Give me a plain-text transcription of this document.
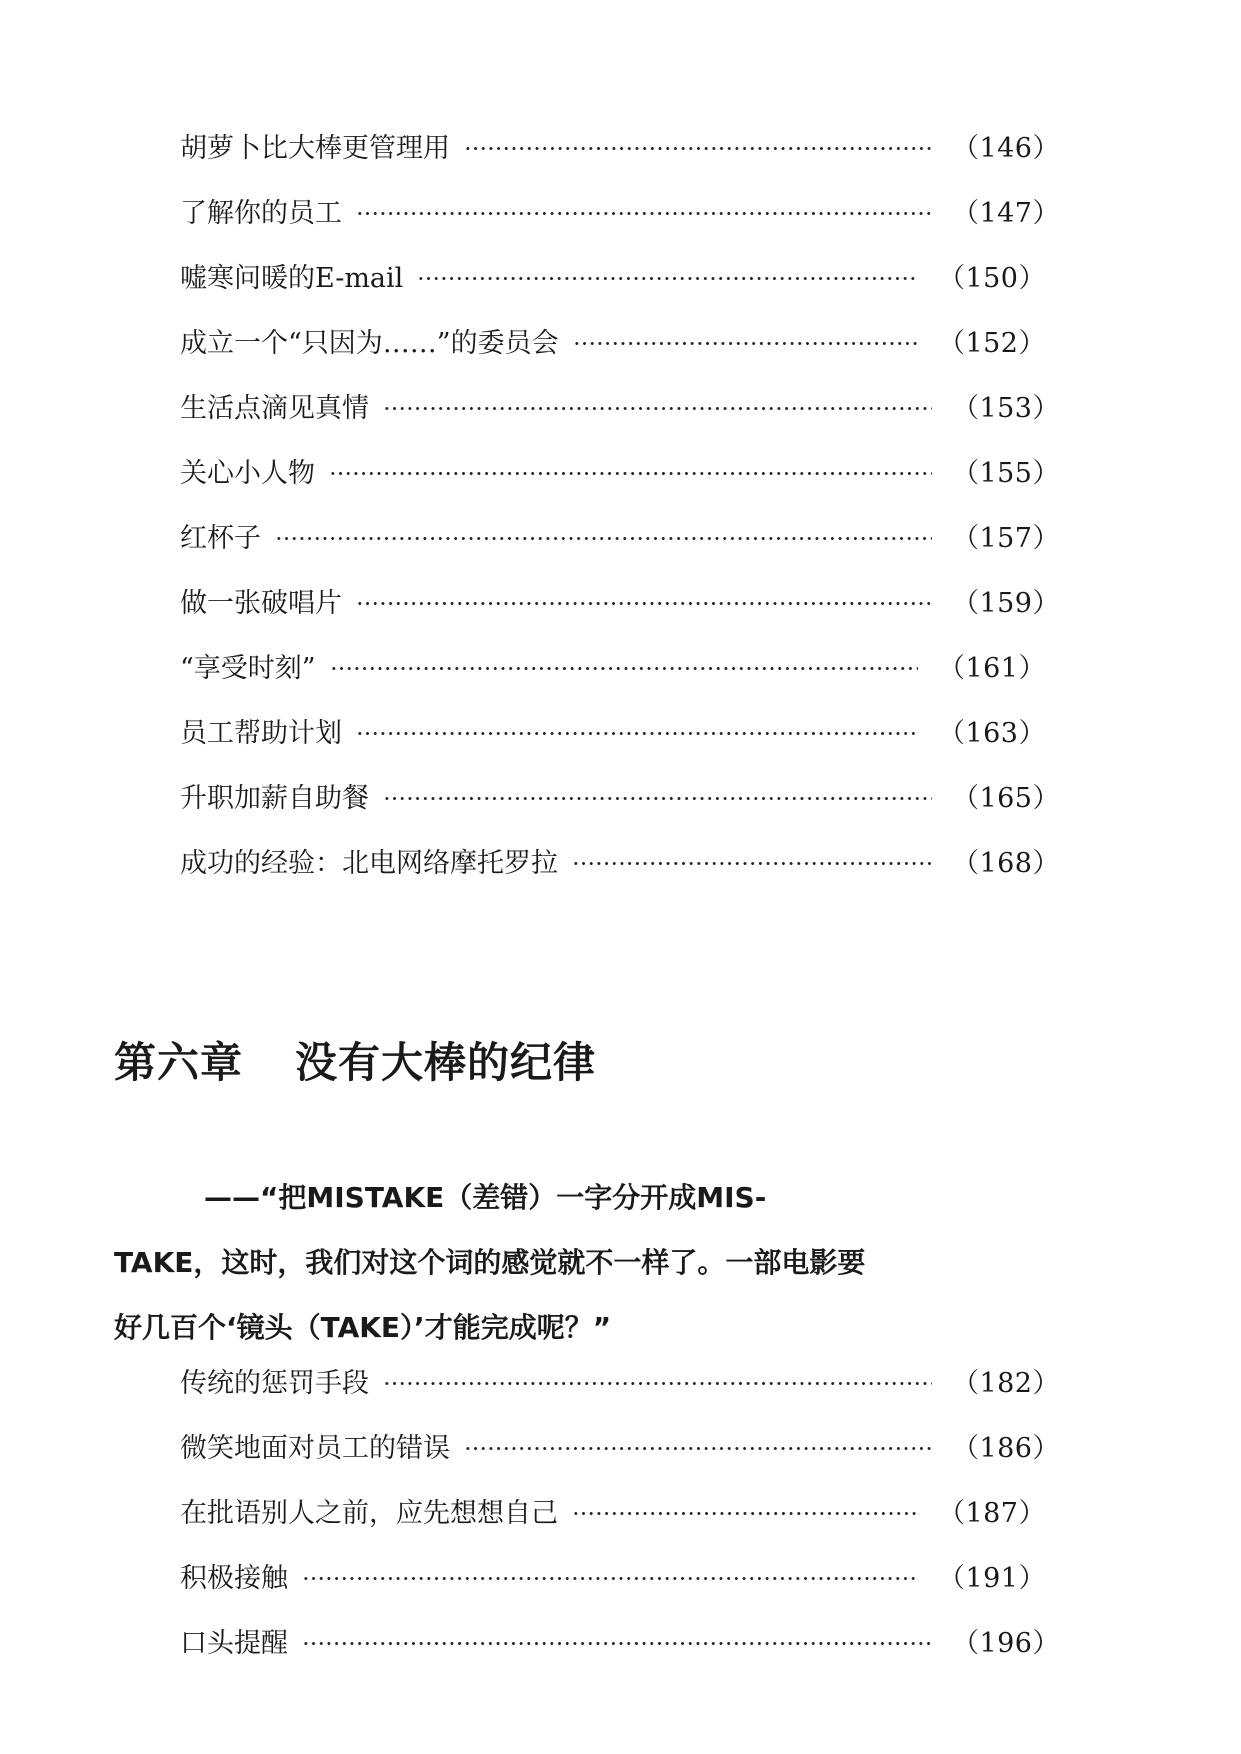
胡萝卜比大棒更管理用	（146）
了解你的员工	（147）
嘘寒问暖的E-mail	（150）
成立一个“只因为……”的委员会	（152）
生活点滴见真情	（153）
关心小人物	（155）
红杯子	（157）
做一张破唱片	（159）
“享受时刻”	（161）
员工帮助计划	（163）
升职加薪自助餐	（165）
成功的经验：北电网络摩托罗拉	（168）
第六章 没有大棒的纪律
——“把MISTAKE（差错）一字分开成MIS-
TAKE，这时，我们对这个词的感觉就不一样了。一部电影要
好几百个‘镜头（TAKE）’才能完成呢？”
传统的惩罚手段	（182）
微笑地面对员工的错误	（186）
在批语别人之前，应先想想自己	（187）
积极接触	（191）
口头提醒	（196）
